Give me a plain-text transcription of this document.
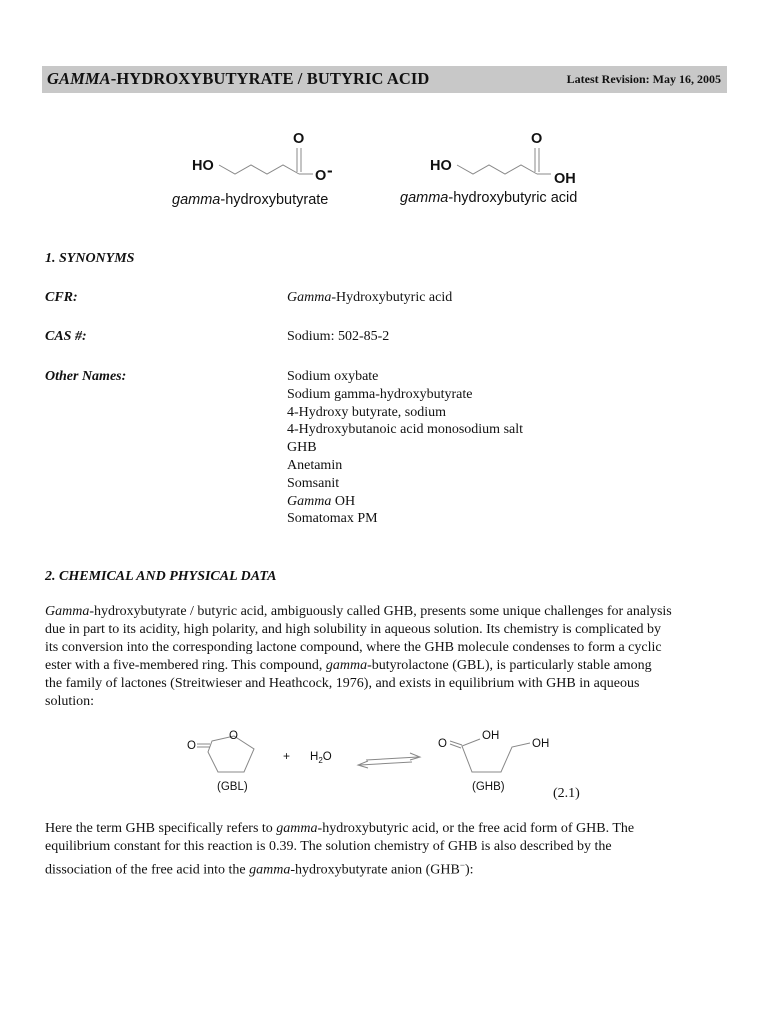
GAMMA-HYDROXYBUTYRATE / BUTYRIC ACID	Latest Revision: May 16, 2005
HO
O
O -	HO
O
OH
O
O
+ $H_2O$
O
OH
OH
gamma-hydroxybutyrate	gamma-hydroxybutyric acid
1. SYNONYMS
CFR:	Gamma-Hydroxybutyric acid
CAS #:	Sodium: 502-85-2
Other Names:	Sodium oxybate
Sodium gamma-hydroxybutyrate
4-Hydroxy butyrate, sodium
4-Hydroxybutanoic acid monosodium salt
GHB
Anetamin
Somsanit
Gamma OH
Somatomax PM
2. CHEMICAL AND PHYSICAL DATA

Gamma-hydroxybutyrate / butyric acid, ambiguously called GHB, presents some unique challenges for analysis
due in part to its acidity, high polarity, and high solubility in aqueous solution. Its chemistry is complicated by
its conversion into the corresponding lactone compound, where the GHB molecule condenses to form a cyclic
ester with a five-membered ring. This compound, gamma-butyrolactone (GBL), is particularly stable among
the family of lactones (Streitwieser and Heathcock, 1976), and exists in equilibrium with GHB in aqueous
solution:

(GBL)	(GHB)	(2.1)

Here the term GHB specifically refers to gamma-hydroxybutyric acid, or the free acid form of GHB. The
equilibrium constant for this reaction is 0.39. The solution chemistry of GHB is also described by the
dissociation of the free acid into the gamma-hydroxybutyrate anion (GHB−):
